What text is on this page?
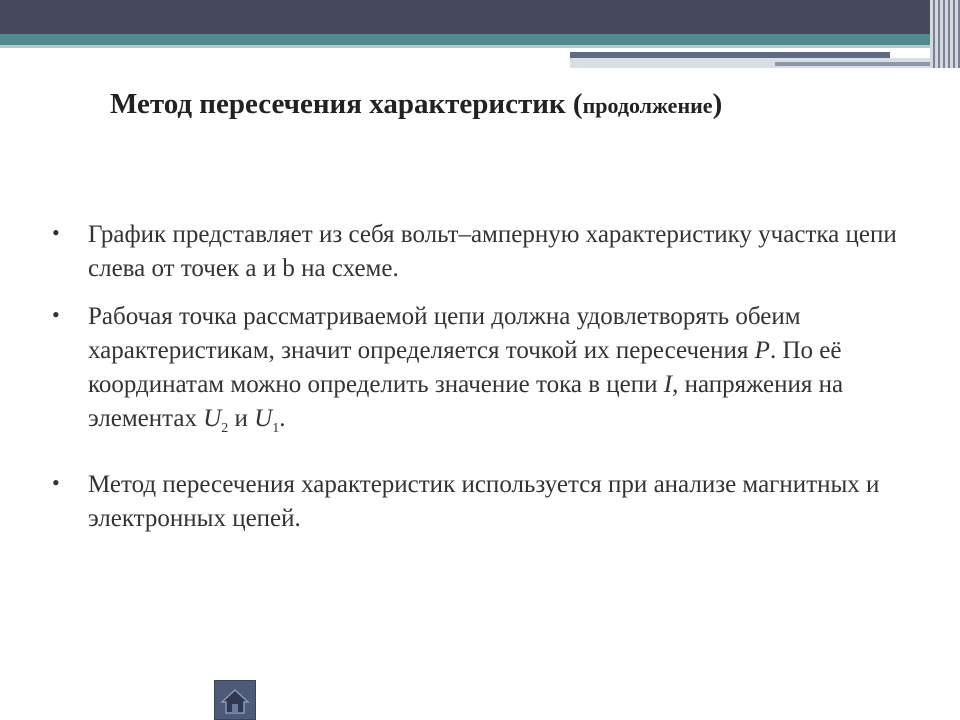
Метод пересечения характеристик (продолжение)
• График представляет из себя вольт–амперную характеристику участка цепи слева от точек a и b на схеме.
• Рабочая точка рассматриваемой цепи должна удовлетворять обеим характеристикам, значит определяется точкой их пересечения P. По её координатам можно определить значение тока в цепи I, напряжения на элементах $U_2$ и $U_1$.
• Метод пересечения характеристик используется при анализе магнитных и электронных цепей.
